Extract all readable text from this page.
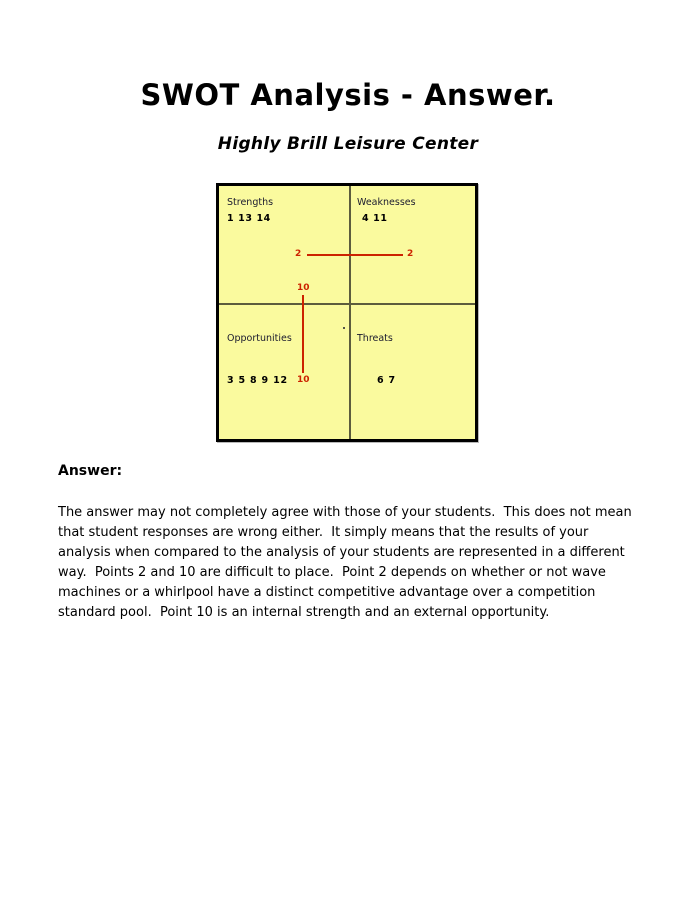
SWOT Analysis - Answer.
Highly Brill Leisure Center
Strengths
1 13 14
Weaknesses
4 11
Opportunities
3 5 8 9 12
Threats
6 7
2	2
10
10
Answer:
The answer may not completely agree with those of your students.  This does not mean that student responses are wrong either.  It simply means that the results of your analysis when compared to the analysis of your students are represented in a different way.  Points 2 and 10 are difficult to place.  Point 2 depends on whether or not wave machines or a whirlpool have a distinct competitive advantage over a competition standard pool.  Point 10 is an internal strength and an external opportunity.
